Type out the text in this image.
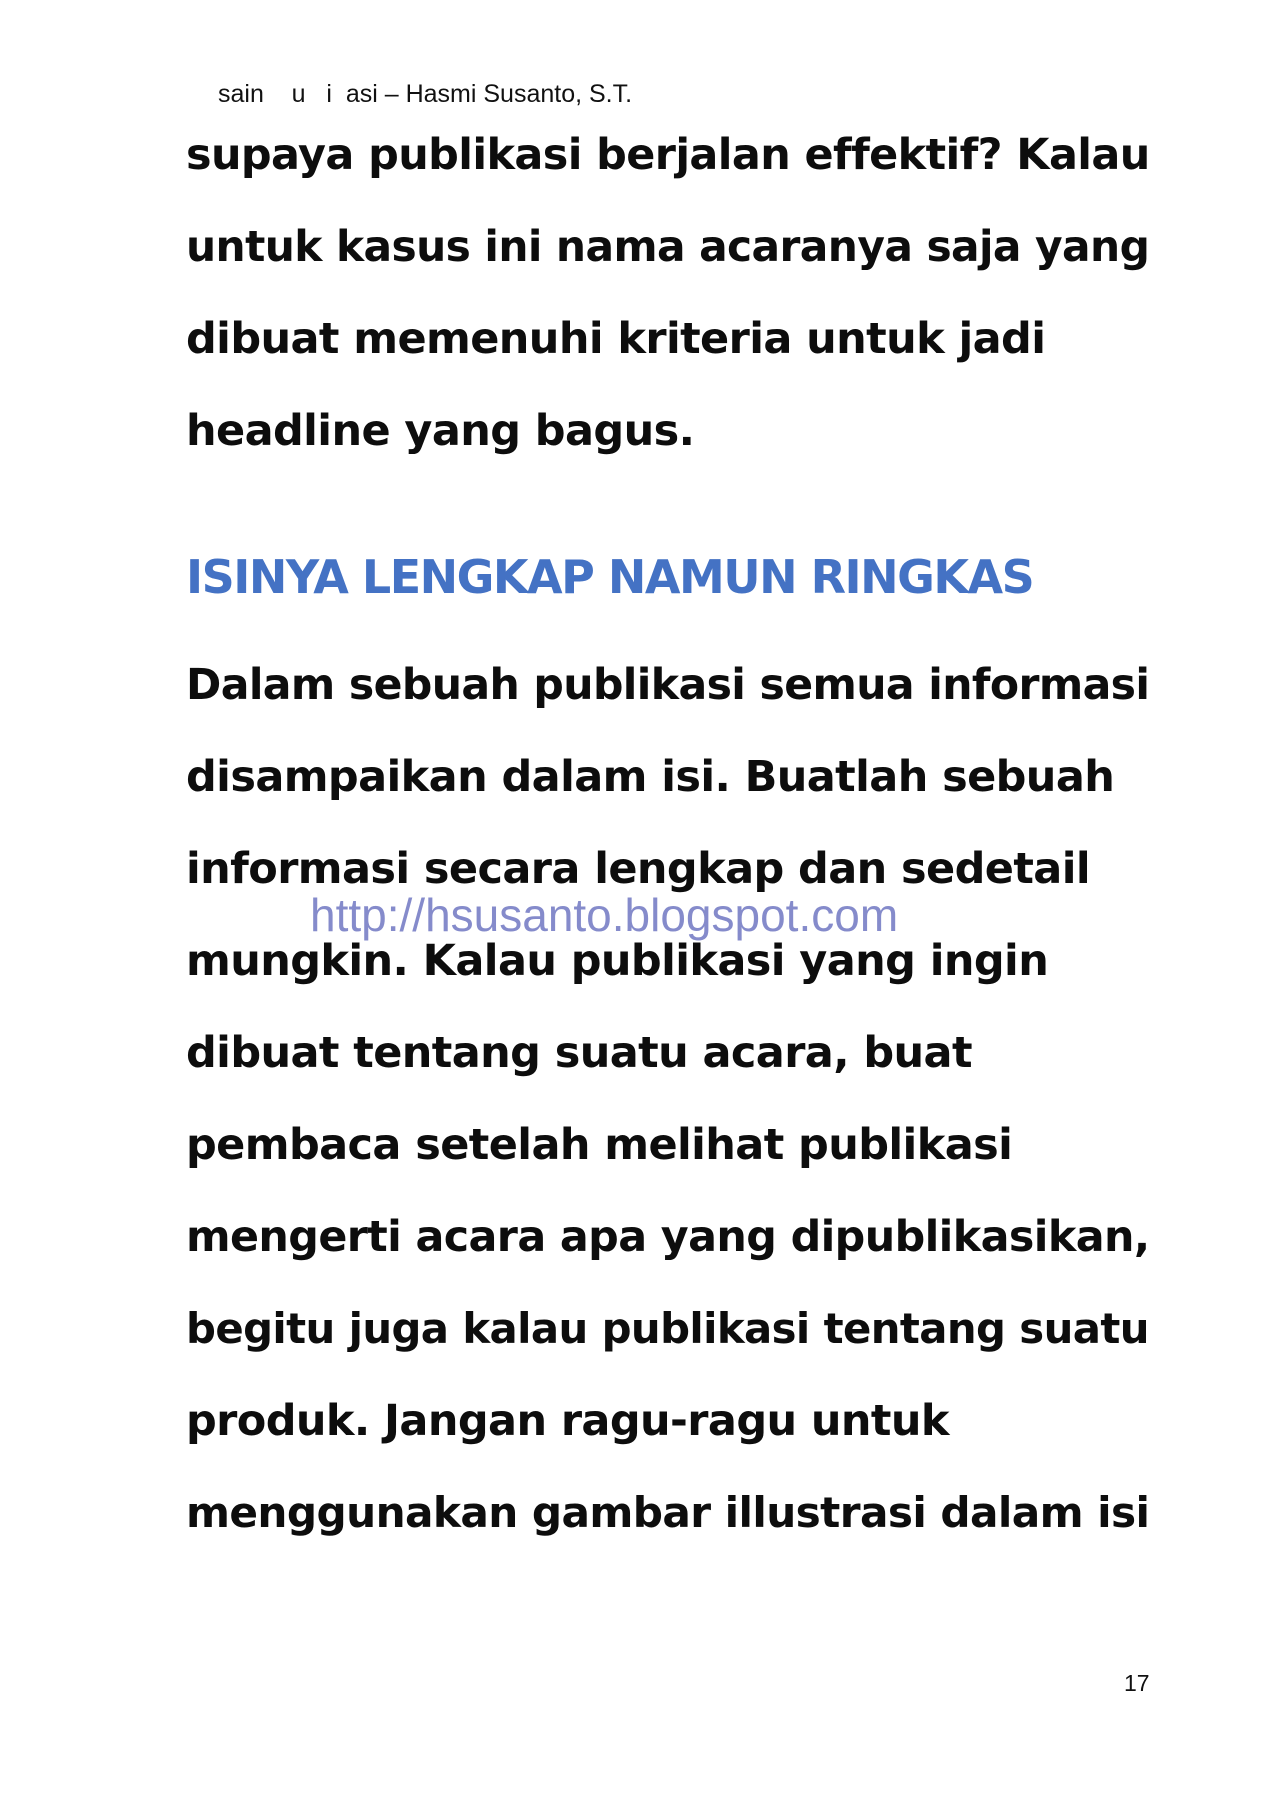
sain    u   i  asi – Hasmi Susanto, S.T.
supaya publikasi berjalan effektif? Kalau
untuk kasus ini nama acaranya saja yang
dibuat memenuhi kriteria untuk jadi
headline yang bagus.
ISINYA LENGKAP NAMUN RINGKAS
Dalam sebuah publikasi semua informasi
disampaikan dalam isi. Buatlah sebuah
informasi secara lengkap dan sedetail
mungkin. Kalau publikasi yang ingin
dibuat tentang suatu acara, buat
pembaca setelah melihat publikasi
mengerti acara apa yang dipublikasikan,
begitu juga kalau publikasi tentang suatu
produk. Jangan ragu-ragu untuk
menggunakan gambar illustrasi dalam isi
http://hsusanto.blogspot.com
17
